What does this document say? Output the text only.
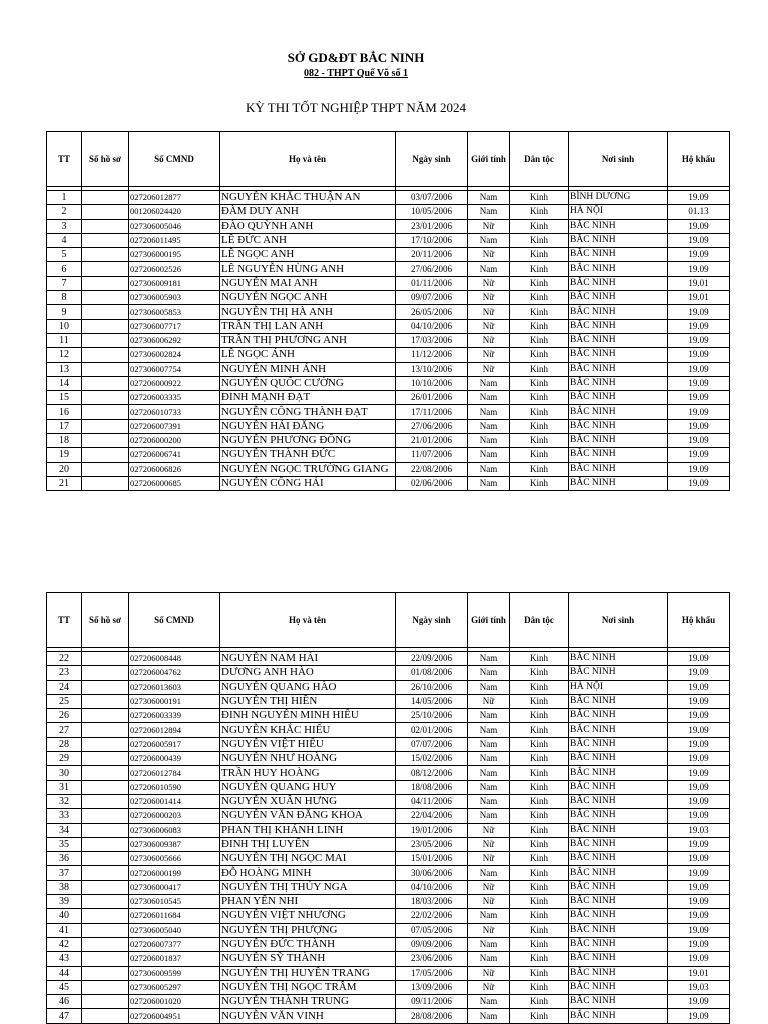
SỞ GD&ĐT BẮC NINH
082 - THPT Quế Võ số 1
KỲ THI TỐT NGHIỆP THPT NĂM 2024
TT	Số hồ sơ	Số CMND	Họ và tên	Ngày sinh	Giới tính	Dân tộc	Nơi sinh	Hộ khẩu

1		027206012877	NGUYỄN KHẮC THUẬN AN	03/07/2006	Nam	Kinh	BÌNH DƯƠNG	19.09
2		001206024420	ĐÀM DUY ANH	10/05/2006	Nam	Kinh	HÀ NỘI	01.13
3		027306005046	ĐÀO QUỲNH ANH	23/01/2006	Nữ	Kinh	BẮC NINH	19.09
4		027206011495	LÊ ĐỨC ANH	17/10/2006	Nam	Kinh	BẮC NINH	19.09
5		027306000195	LÊ NGỌC ANH	20/11/2006	Nữ	Kinh	BẮC NINH	19.09
6		027206002526	LÊ NGUYỄN HÙNG ANH	27/06/2006	Nam	Kinh	BẮC NINH	19.09
7		027306009181	NGUYỄN MAI ANH	01/11/2006	Nữ	Kinh	BẮC NINH	19.01
8		027306005903	NGUYỄN NGỌC ANH	09/07/2006	Nữ	Kinh	BẮC NINH	19.01
9		027306005853	NGUYỄN THỊ HÀ ANH	26/05/2006	Nữ	Kinh	BẮC NINH	19.09
10		027306007717	TRẦN THỊ LAN ANH	04/10/2006	Nữ	Kinh	BẮC NINH	19.09
11		027306006292	TRẦN THỊ PHƯƠNG ANH	17/03/2006	Nữ	Kinh	BẮC NINH	19.09
12		027306002824	LÊ NGỌC ÁNH	11/12/2006	Nữ	Kinh	BẮC NINH	19.09
13		027306007754	NGUYỄN MINH ÁNH	13/10/2006	Nữ	Kinh	BẮC NINH	19.09
14		027206000922	NGUYỄN QUỐC CƯỜNG	10/10/2006	Nam	Kinh	BẮC NINH	19.09
15		027206003335	ĐINH MẠNH ĐẠT	26/01/2006	Nam	Kinh	BẮC NINH	19.09
16		027206010733	NGUYỄN CÔNG THÀNH ĐẠT	17/11/2006	Nam	Kinh	BẮC NINH	19.09
17		027206007391	NGUYỄN HẢI ĐĂNG	27/06/2006	Nam	Kinh	BẮC NINH	19.09
18		027206000200	NGUYỄN PHƯƠNG ĐÔNG	21/01/2006	Nam	Kinh	BẮC NINH	19.09
19		027206006741	NGUYỄN THÀNH ĐỨC	11/07/2006	Nam	Kinh	BẮC NINH	19.09
20		027206006826	NGUYỄN NGỌC TRƯỜNG GIANG	22/08/2006	Nam	Kinh	BẮC NINH	19.09
21		027206000685	NGUYỄN CÔNG HẢI	02/06/2006	Nam	Kinh	BẮC NINH	19.09
TT	Số hồ sơ	Số CMND	Họ và tên	Ngày sinh	Giới tính	Dân tộc	Nơi sinh	Hộ khẩu

22		027206008448	NGUYỄN NAM HẢI	22/09/2006	Nam	Kinh	BẮC NINH	19.09
23		027206004762	DƯƠNG ANH HÀO	01/08/2006	Nam	Kinh	BẮC NINH	19.09
24		027206013603	NGUYỄN QUANG HÀO	26/10/2006	Nam	Kinh	HÀ NỘI	19.09
25		027306000191	NGUYỄN THỊ HIỀN	14/05/2006	Nữ	Kinh	BẮC NINH	19.09
26		027206003339	ĐINH NGUYỄN MINH HIẾU	25/10/2006	Nam	Kinh	BẮC NINH	19.09
27		027206012894	NGUYỄN KHẮC HIẾU	02/01/2006	Nam	Kinh	BẮC NINH	19.09
28		027206005917	NGUYỄN VIỆT HIẾU	07/07/2006	Nam	Kinh	BẮC NINH	19.09
29		027206000439	NGUYỄN NHƯ HOÀNG	15/02/2006	Nam	Kinh	BẮC NINH	19.09
30		027206012784	TRẦN HUY HOÀNG	08/12/2006	Nam	Kinh	BẮC NINH	19.09
31		027206010590	NGUYỄN QUANG HUY	18/08/2006	Nam	Kinh	BẮC NINH	19.09
32		027206001414	NGUYỄN XUÂN HƯNG	04/11/2006	Nam	Kinh	BẮC NINH	19.09
33		027206000203	NGUYỄN VĂN ĐĂNG KHOA	22/04/2006	Nam	Kinh	BẮC NINH	19.09
34		027306006083	PHAN THỊ KHÁNH LINH	19/01/2006	Nữ	Kinh	BẮC NINH	19.03
35		027306009387	ĐINH THỊ LUYẾN	23/05/2006	Nữ	Kinh	BẮC NINH	19.09
36		027306005666	NGUYỄN THỊ NGỌC MAI	15/01/2006	Nữ	Kinh	BẮC NINH	19.09
37		027206000199	ĐỖ HOÀNG MINH	30/06/2006	Nam	Kinh	BẮC NINH	19.09
38		027306000417	NGUYỄN THỊ THÚY NGA	04/10/2006	Nữ	Kinh	BẮC NINH	19.09
39		027306010545	PHAN YẾN NHI	18/03/2006	Nữ	Kinh	BẮC NINH	19.09
40		027206011684	NGUYỄN VIỆT NHƯƠNG	22/02/2006	Nam	Kinh	BẮC NINH	19.09
41		027306005040	NGUYỄN THỊ PHƯỢNG	07/05/2006	Nữ	Kinh	BẮC NINH	19.09
42		027206007377	NGUYỄN ĐỨC THÀNH	09/09/2006	Nam	Kinh	BẮC NINH	19.09
43		027206001837	NGUYỄN SỸ THÀNH	23/06/2006	Nam	Kinh	BẮC NINH	19.09
44		027306009599	NGUYỄN THỊ HUYỀN TRANG	17/05/2006	Nữ	Kinh	BẮC NINH	19.01
45		027306005297	NGUYỄN THỊ NGỌC TRÂM	13/09/2006	Nữ	Kinh	BẮC NINH	19.03
46		027206001020	NGUYỄN THÀNH TRUNG	09/11/2006	Nam	Kinh	BẮC NINH	19.09
47		027206004951	NGUYỄN VĂN VINH	28/08/2006	Nam	Kinh	BẮC NINH	19.09
